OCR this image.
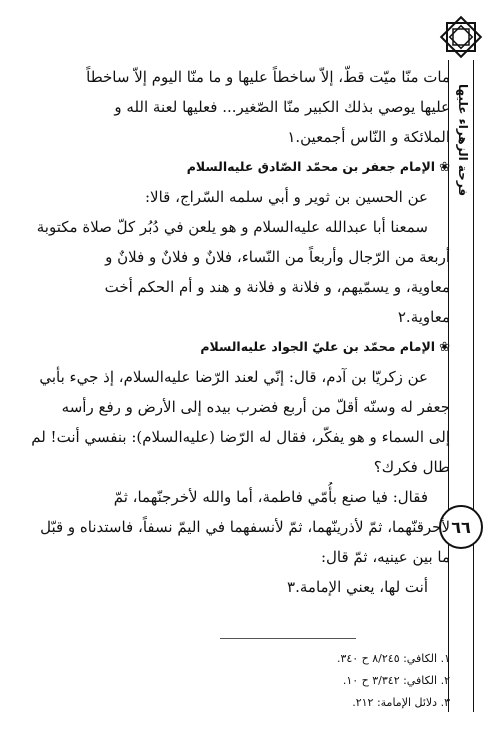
فرحة الزهراء عليها
٦٦
مات منّا ميّت قطّ، إلاّ ساخطاً عليها و ما منّا اليوم إلاّ ساخطاً
عليها يوصي بذلك الكبير منّا الصّغير... فعليها لعنة الله و
الملائكة و النّاس أجمعين.١
❀الإمام جعفر بن محمّد الصّادق عليه‌السلام
عن الحسين بن ثوير و أبي سلمه السّراج، قالا:
سمعنا أبا عبدالله عليه‌السلام و هو يلعن في دُبُر كلّ صلاة مكتوبة
أربعة من الرّجال وأربعاً من النّساء، فلانٌ و فلانٌ و فلانٌ و
معاوية، و يسمّيهم، و فلانة و فلانة و هند و أم الحكم أخت
معاوية.٢
❀الإمام محمّد بن عليّ الجواد عليه‌السلام
عن زكريّا بن آدم، قال: إنّي لعند الرّضا عليه‌السلام، إذ جيء بأبي
جعفر له وسنّه أقلّ من أربع فضرب بيده إلى الأرض و رفع رأسه
إلى السماء و هو يفكّر، فقال له الرّضا (عليه‌السلام): بنفسي أنت! لم
طال فكرك؟
فقال: فيا صنع بأُمّي فاطمة، أما والله لأخرجنّهما، ثمّ
لأحرقنّهما، ثمّ لأذرينّهما، ثمّ لأنسفهما في اليمّ نسفاً، فاستدناه و قبّل
ما بين عينيه، ثمّ قال:
أنت لها، يعني الإمامة.٣
١. الكافي: ٨/٢٤٥ ح ٣٤٠.
٢. الكافي: ٣/٣٤٢ ح ١٠.
٣. دلائل الإمامة: ٢١٢.
